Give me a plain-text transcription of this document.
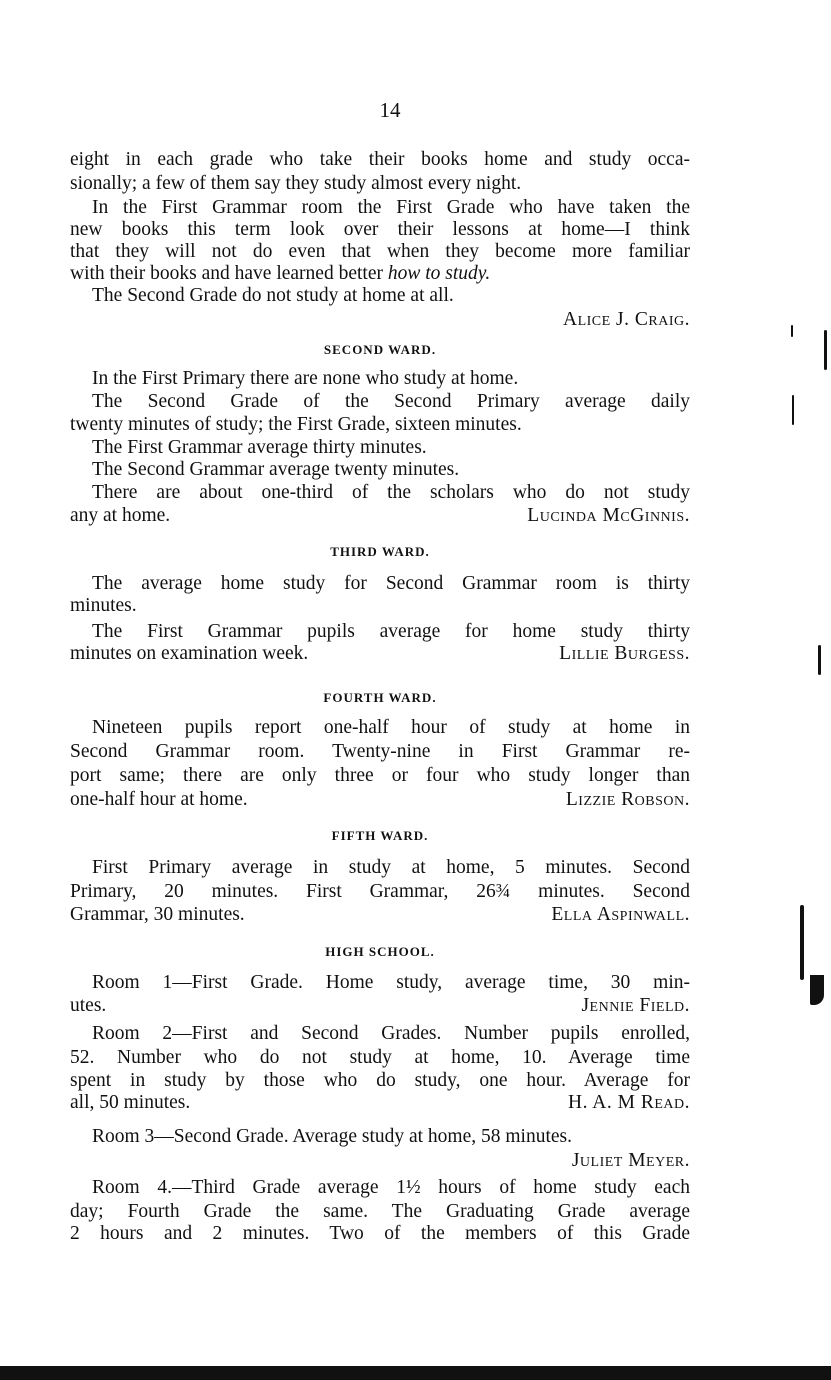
14
eight in each grade who take their books home and study occa-
sionally; a few of them say they study almost every night.
In the First Grammar room the First Grade who have taken the
new books this term look over their lessons at home—I think
that they will not do even that when they become more familiar
with their books and have learned better how to study.
The Second Grade do not study at home at all.
Alice J. Craig.
SECOND WARD.
In the First Primary there are none who study at home.
The Second Grade of the Second Primary average daily
twenty minutes of study; the First Grade, sixteen minutes.
The First Grammar average thirty minutes.
The Second Grammar average twenty minutes.
There are about one-third of the scholars who do not study
any at home.	Lucinda McGinnis.
THIRD WARD.
The average home study for Second Grammar room is thirty
minutes.
The First Grammar pupils average for home study thirty
minutes on examination week.	Lillie Burgess.
FOURTH WARD.
Nineteen pupils report one-half hour of study at home in
Second Grammar room. Twenty-nine in First Grammar re-
port same; there are only three or four who study longer than
one-half hour at home.	Lizzie Robson.
FIFTH WARD.
First Primary average in study at home, 5 minutes. Second
Primary, 20 minutes. First Grammar, 26¾ minutes. Second
Grammar, 30 minutes.	Ella Aspinwall.
HIGH SCHOOL.
Room 1—First Grade. Home study, average time, 30 min-
utes.	Jennie Field.
Room 2—First and Second Grades. Number pupils enrolled,
52. Number who do not study at home, 10. Average time
spent in study by those who do study, one hour. Average for
all, 50 minutes.	H. A. M Read.
Room 3—Second Grade. Average study at home, 58 minutes.
Juliet Meyer.
Room 4.—Third Grade average 1½ hours of home study each
day; Fourth Grade the same. The Graduating Grade average
2 hours and 2 minutes. Two of the members of this Grade
